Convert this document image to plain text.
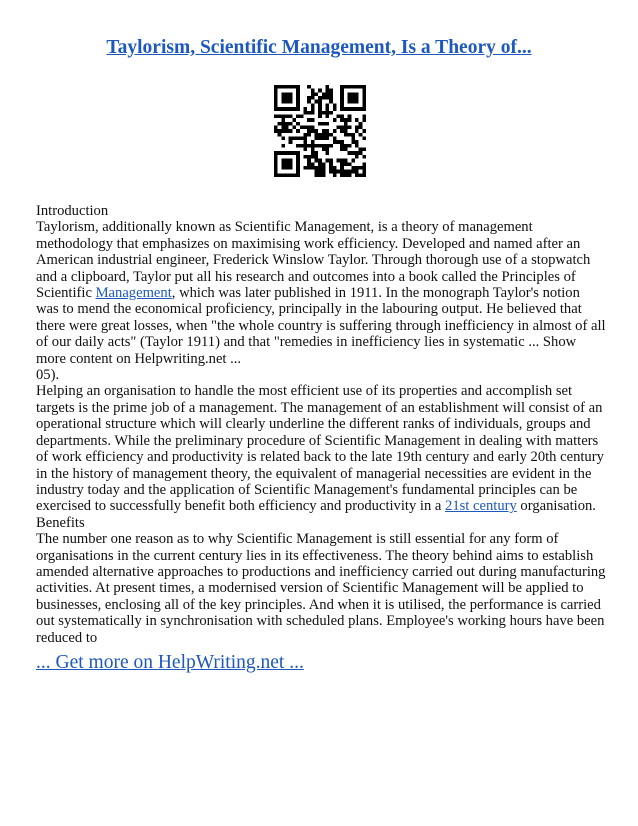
Taylorism, Scientific Management, Is a Theory of...

Introduction

Taylorism, additionally known as Scientific Management, is a theory of management methodology that emphasizes on maximising work efficiency. Developed and named after an American industrial engineer, Frederick Winslow Taylor. Through thorough use of a stopwatch and a clipboard, Taylor put all his research and outcomes into a book called the Principles of Scientific Management, which was later published in 1911. In the monograph Taylor's notion was to mend the economical proficiency, principally in the labouring output. He believed that there were great losses, when "the whole country is suffering through inefficiency in almost of all of our daily acts" (Taylor 1911) and that "remedies in inefficiency lies in systematic ... Show more content on Helpwriting.net ...

05).

Helping an organisation to handle the most efficient use of its properties and accomplish set targets is the prime job of a management. The management of an establishment will consist of an operational structure which will clearly underline the different ranks of individuals, groups and departments. While the preliminary procedure of Scientific Management in dealing with matters of work efficiency and productivity is related back to the late 19th century and early 20th century in the history of management theory, the equivalent of managerial necessities are evident in the industry today and the application of Scientific Management's fundamental principles can be exercised to successfully benefit both efficiency and productivity in a 21st century organisation.

Benefits

The number one reason as to why Scientific Management is still essential for any form of organisations in the current century lies in its effectiveness. The theory behind aims to establish amended alternative approaches to productions and inefficiency carried out during manufacturing activities. At present times, a modernised version of Scientific Management will be applied to businesses, enclosing all of the key principles. And when it is utilised, the performance is carried out systematically in synchronisation with scheduled plans. Employee's working hours have been reduced to

... Get more on HelpWriting.net ...
